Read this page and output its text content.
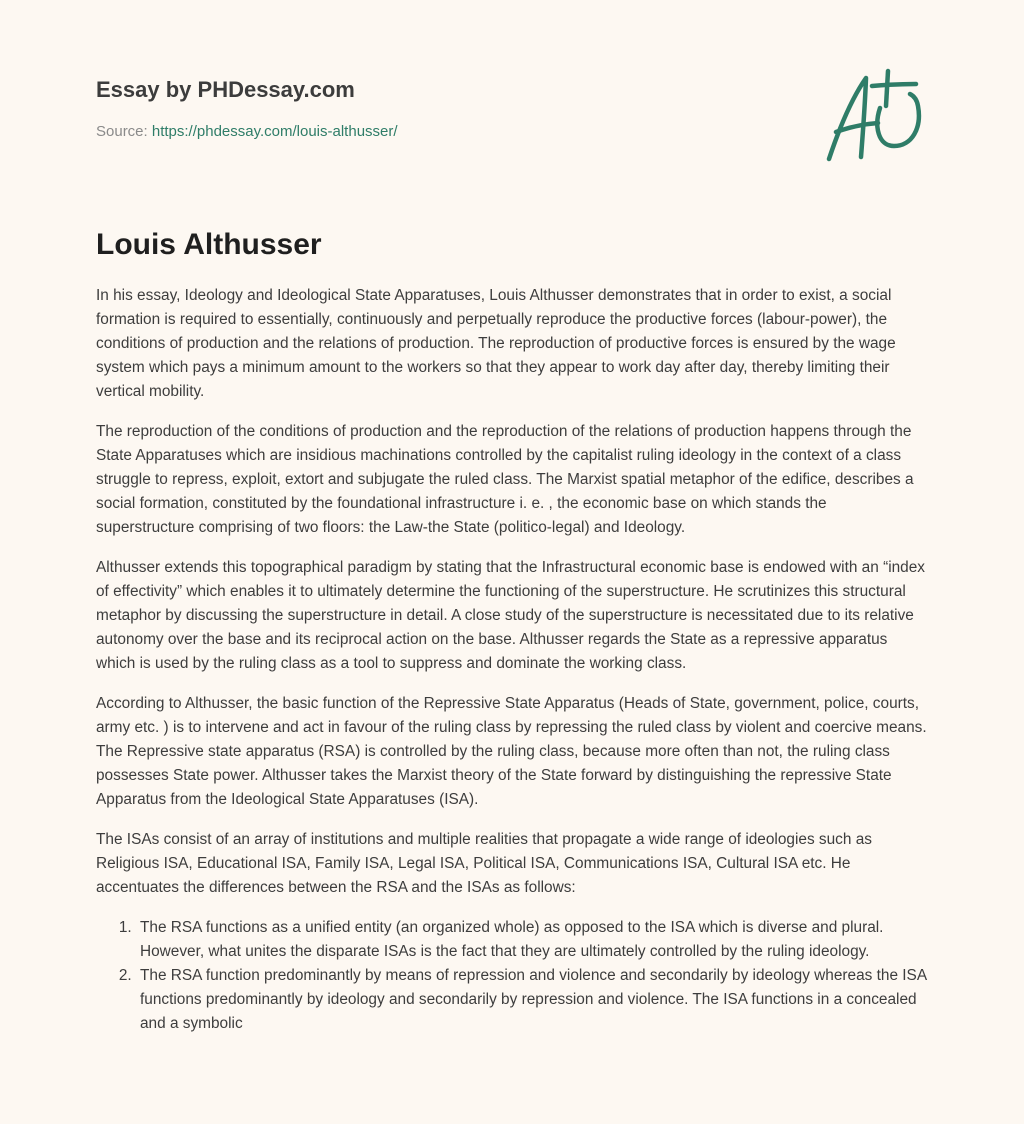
Essay by PHDessay.com
Source: https://phdessay.com/louis-althusser/
Louis Althusser

In his essay, Ideology and Ideological State Apparatuses, Louis Althusser demonstrates that in order to exist, a social formation is required to essentially, continuously and perpetually reproduce the productive forces (labour-power), the conditions of production and the relations of production. The reproduction of productive forces is ensured by the wage system which pays a minimum amount to the workers so that they appear to work day after day, thereby limiting their vertical mobility.

The reproduction of the conditions of production and the reproduction of the relations of production happens through the State Apparatuses which are insidious machinations controlled by the capitalist ruling ideology in the context of a class struggle to repress, exploit, extort and subjugate the ruled class. The Marxist spatial metaphor of the edifice, describes a social formation, constituted by the foundational infrastructure i. e. , the economic base on which stands the superstructure comprising of two floors: the Law-the State (politico-legal) and Ideology.

Althusser extends this topographical paradigm by stating that the Infrastructural economic base is endowed with an “index of effectivity” which enables it to ultimately determine the functioning of the superstructure. He scrutinizes this structural metaphor by discussing the superstructure in detail. A close study of the superstructure is necessitated due to its relative autonomy over the base and its reciprocal action on the base. Althusser regards the State as a repressive apparatus which is used by the ruling class as a tool to suppress and dominate the working class.

According to Althusser, the basic function of the Repressive State Apparatus (Heads of State, government, police, courts, army etc. ) is to intervene and act in favour of the ruling class by repressing the ruled class by violent and coercive means. The Repressive state apparatus (RSA) is controlled by the ruling class, because more often than not, the ruling class possesses State power. Althusser takes the Marxist theory of the State forward by distinguishing the repressive State Apparatus from the Ideological State Apparatuses (ISA).

The ISAs consist of an array of institutions and multiple realities that propagate a wide range of ideologies such as Religious ISA, Educational ISA, Family ISA, Legal ISA, Political ISA, Communications ISA, Cultural ISA etc. He accentuates the differences between the RSA and the ISAs as follows:

1. The RSA functions as a unified entity (an organized whole) as opposed to the ISA which is diverse and plural. However, what unites the disparate ISAs is the fact that they are ultimately controlled by the ruling ideology.
2. The RSA function predominantly by means of repression and violence and secondarily by ideology whereas the ISA functions predominantly by ideology and secondarily by repression and violence. The ISA functions in a concealed and a symbolic
